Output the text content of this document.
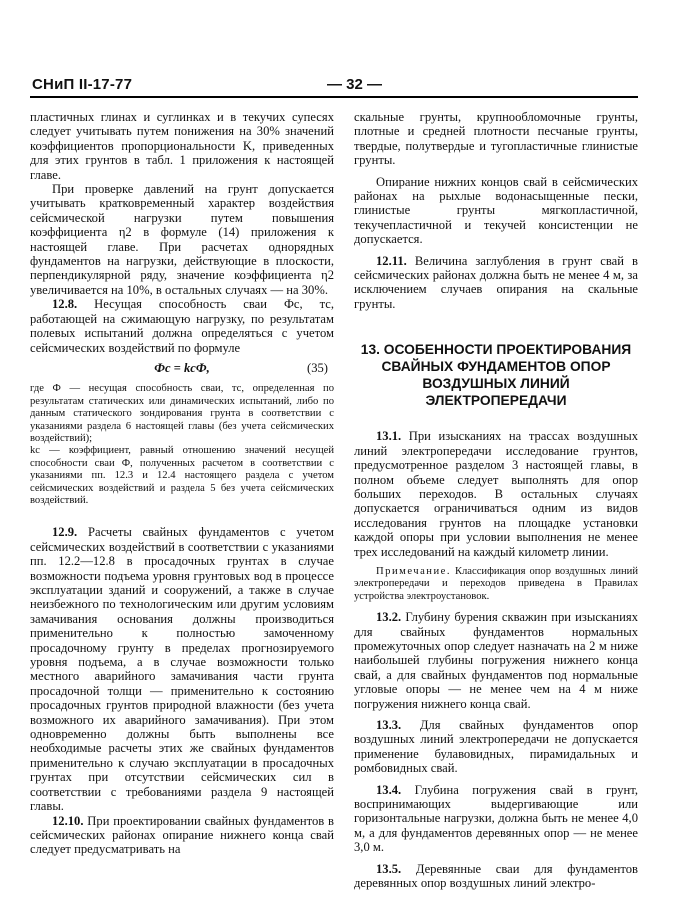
СНиП II-17-77	— 32 —

пластичных глинах и суглинках и в текучих супесях следует учитывать путем понижения на 30% значений коэффициентов пропорциональности K, приведенных для этих грунтов в табл. 1 приложения к настоящей главе.

При проверке давлений на грунт допускается учитывать кратковременный характер воздействия сейсмической нагрузки путем повышения коэффициента η2 в формуле (14) приложения к настоящей главе. При расчетах однорядных фундаментов на нагрузки, действующие в плоскости, перпендикулярной ряду, значение коэффициента η2 увеличивается на 10%, в остальных случаях — на 30%.

12.8. Несущая способность сваи Фc, тс, работающей на сжимающую нагрузку, по результатам полевых испытаний должна определяться с учетом сейсмических воздействий по формуле

Фc = kcФ,	(35)

где Ф — несущая способность сваи, тс, определенная по результатам статических или динамических испытаний, либо по данным статического зондирования грунта в соответствии с указаниями раздела 6 настоящей главы (без учета сейсмических воздействий);

kc — коэффициент, равный отношению значений несущей способности сваи Ф, полученных расчетом в соответствии с указаниями пп. 12.3 и 12.4 настоящего раздела с учетом сейсмических воздействий и раздела 5 без учета сейсмических воздействий.

12.9. Расчеты свайных фундаментов с учетом сейсмических воздействий в соответствии с указаниями пп. 12.2—12.8 в просадочных грунтах в случае возможности подъема уровня грунтовых вод в процессе эксплуатации зданий и сооружений, а также в случае неизбежного по технологическим или другим условиям замачивания основания должны производиться применительно к полностью замоченному просадочному грунту в пределах прогнозируемого уровня подъема, а в случае возможности только местного аварийного замачивания части грунта просадочной толщи — применительно к состоянию просадочных грунтов природной влажности (без учета возможного их аварийного замачивания). При этом одновременно должны быть выполнены все необходимые расчеты этих же свайных фундаментов применительно к случаю эксплуатации в просадочных грунтах при отсутствии сейсмических сил в соответствии с требованиями раздела 9 настоящей главы.

12.10. При проектировании свайных фундаментов в сейсмических районах опирание нижнего конца свай следует предусматривать на

скальные грунты, крупнообломочные грунты, плотные и средней плотности песчаные грунты, твердые, полутвердые и тугопластичные глинистые грунты.

Опирание нижних концов свай в сейсмических районах на рыхлые водонасыщенные пески, глинистые грунты мягкопластичной, текучепластичной и текучей консистенции не допускается.

12.11. Величина заглубления в грунт свай в сейсмических районах должна быть не менее 4 м, за исключением случаев опирания на скальные грунты.

13. ОСОБЕННОСТИ ПРОЕКТИРОВАНИЯ СВАЙНЫХ ФУНДАМЕНТОВ ОПОР ВОЗДУШНЫХ ЛИНИЙ ЭЛЕКТРОПЕРЕДАЧИ

13.1. При изысканиях на трассах воздушных линий электропередачи исследование грунтов, предусмотренное разделом 3 настоящей главы, в полном объеме следует выполнять для опор больших переходов. В остальных случаях допускается ограничиваться одним из видов исследования грунтов на площадке установки каждой опоры при условии выполнения не менее трех исследований на каждый километр линии.

Примечание. Классификация опор воздушных линий электропередачи и переходов приведена в Правилах устройства электроустановок.

13.2. Глубину бурения скважин при изысканиях для свайных фундаментов нормальных промежуточных опор следует назначать на 2 м ниже наибольшей глубины погружения нижнего конца свай, а для свайных фундаментов под нормальные угловые опоры — не менее чем на 4 м ниже погружения нижнего конца свай.

13.3. Для свайных фундаментов опор воздушных линий электропередачи не допускается применение булавовидных, пирамидальных и ромбовидных свай.

13.4. Глубина погружения свай в грунт, воспринимающих выдергивающие или горизонтальные нагрузки, должна быть не менее 4,0 м, а для фундаментов деревянных опор — не менее 3,0 м.

13.5. Деревянные сваи для фундаментов деревянных опор воздушных линий электро-
